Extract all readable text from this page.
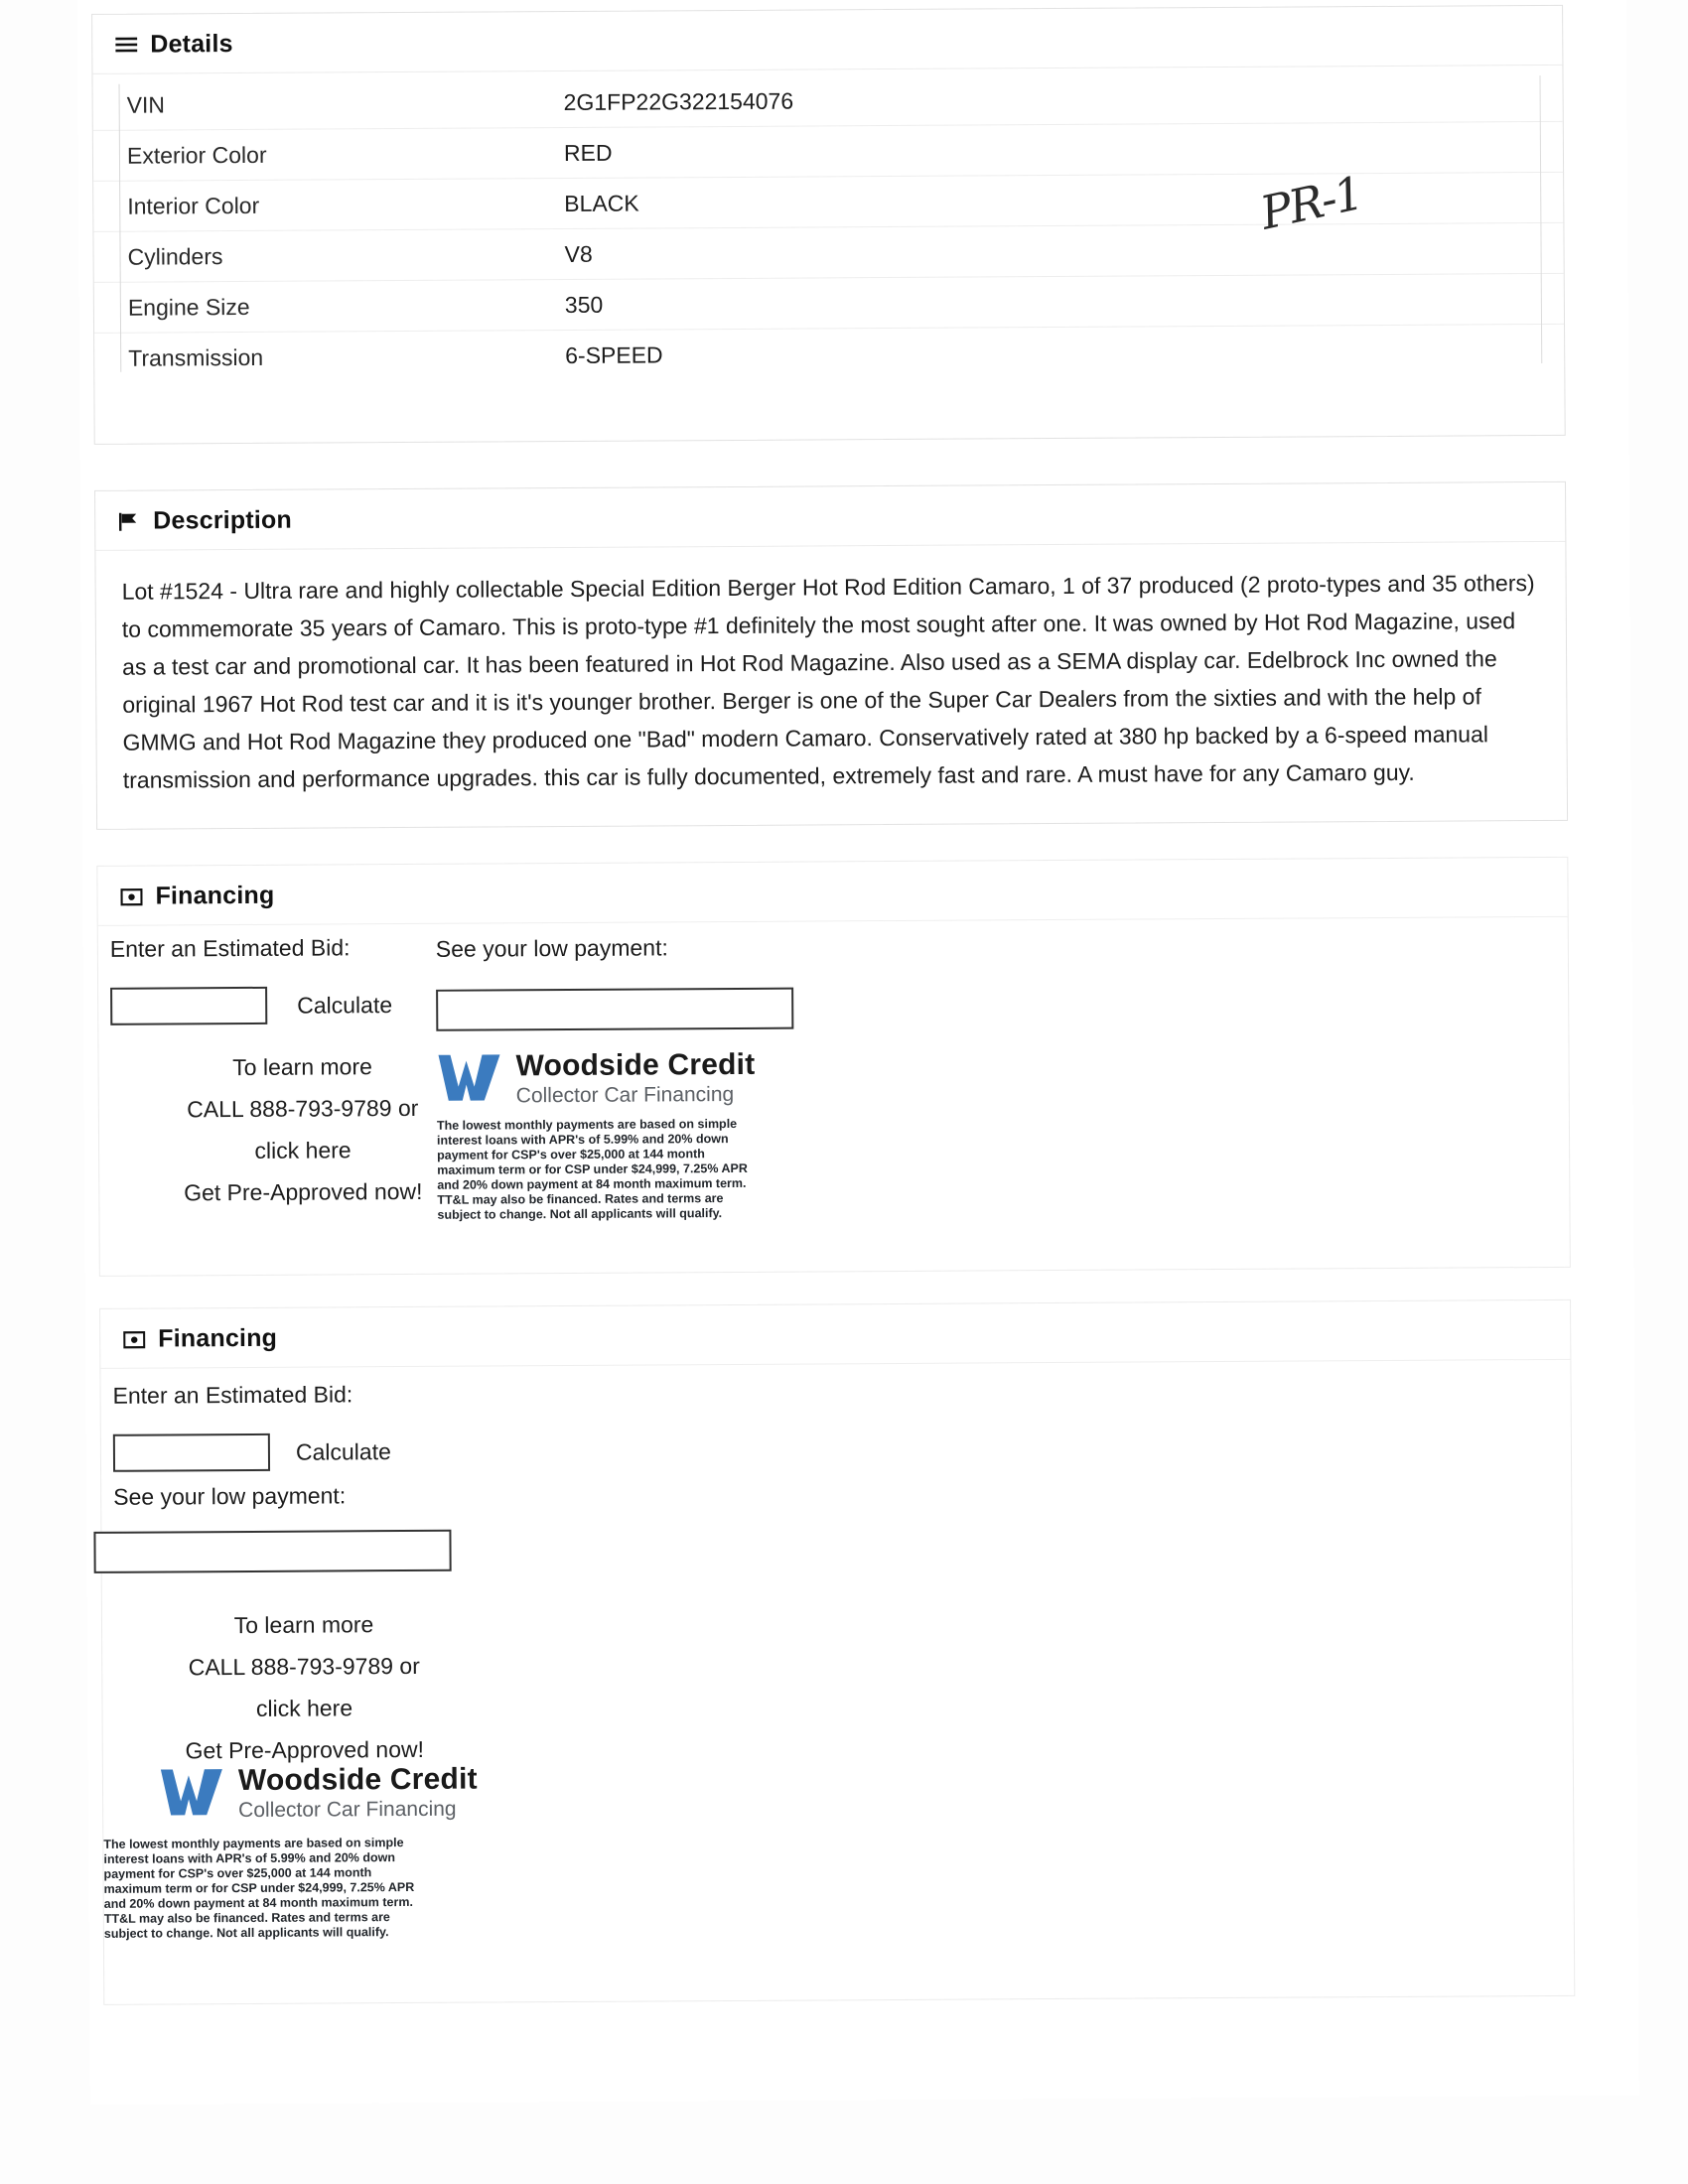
Details
VIN	2G1FP22G322154076
Exterior Color	RED
Interior Color	BLACK
Cylinders	V8
Engine Size	350
Transmission	6-SPEED
PR-1
Description
Lot #1524 - Ultra rare and highly collectable Special Edition Berger Hot Rod Edition Camaro, 1 of 37 produced (2 proto-types and 35 others) to commemorate 35 years of Camaro. This is proto-type #1 definitely the most sought after one. It was owned by Hot Rod Magazine, used as a test car and promotional car. It has been featured in Hot Rod Magazine. Also used as a SEMA display car. Edelbrock Inc owned the original 1967 Hot Rod test car and it is it's younger brother. Berger is one of the Super Car Dealers from the sixties and with the help of GMMG and Hot Rod Magazine they produced one "Bad" modern Camaro. Conservatively rated at 380 hp backed by a 6-speed manual transmission and performance upgrades. this car is fully documented, extremely fast and rare. A must have for any Camaro guy.
Financing
Enter an Estimated Bid:	See your low payment:
Calculate
To learn more
CALL 888-793-9789 or
click here
Get Pre-Approved now!
Woodside Credit
Collector Car Financing
The lowest monthly payments are based on simple interest loans with APR's of 5.99% and 20% down payment for CSP's over $25,000 at 144 month maximum term or for CSP under $24,999, 7.25% APR and 20% down payment at 84 month maximum term. TT&L may also be financed. Rates and terms are subject to change. Not all applicants will qualify.
Financing
Enter an Estimated Bid:
Calculate
See your low payment:
To learn more
CALL 888-793-9789 or
click here
Get Pre-Approved now!
Woodside Credit
Collector Car Financing
The lowest monthly payments are based on simple interest loans with APR's of 5.99% and 20% down payment for CSP's over $25,000 at 144 month maximum term or for CSP under $24,999, 7.25% APR and 20% down payment at 84 month maximum term. TT&L may also be financed. Rates and terms are subject to change. Not all applicants will qualify.
